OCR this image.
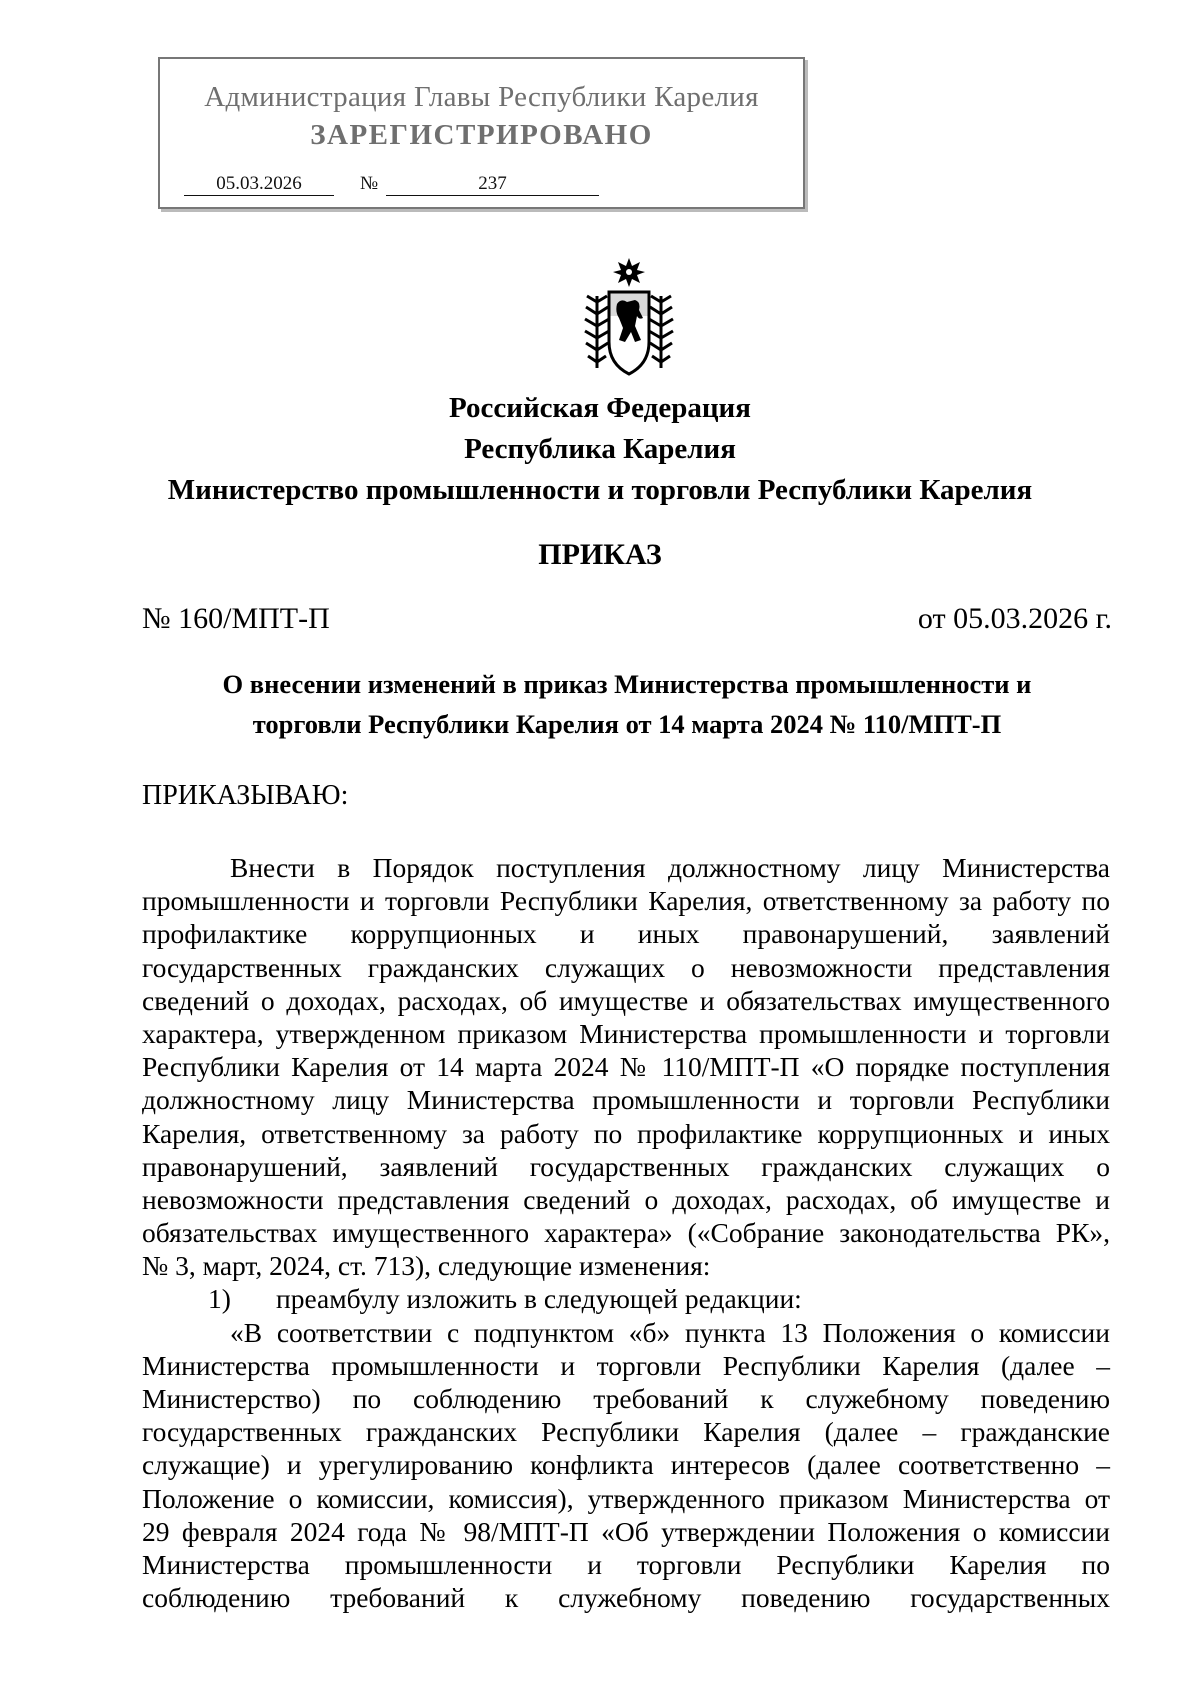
Администрация Главы Республики Карелия
ЗАРЕГИСТРИРОВАНО
05.03.2026	№	237
Российская Федерация
Республика Карелия
Министерство промышленности и торговли Республики Карелия
ПРИКАЗ
№ 160/МПТ-П	от 05.03.2026 г.
О внесении изменений в приказ Министерства промышленности и
торговли Республики Карелия от 14 марта 2024 № 110/МПТ-П
ПРИКАЗЫВАЮ:
Внести в Порядок поступления должностному лицу Министерства
промышленности и торговли Республики Карелия, ответственному за работу по
профилактике коррупционных и иных правонарушений, заявлений
государственных гражданских служащих о невозможности представления
сведений о доходах, расходах, об имуществе и обязательствах имущественного
характера, утвержденном приказом Министерства промышленности и торговли
Республики Карелия от 14 марта 2024 № 110/МПТ-П «О порядке поступления
должностному лицу Министерства промышленности и торговли Республики
Карелия, ответственному за работу по профилактике коррупционных и иных
правонарушений, заявлений государственных гражданских служащих о
невозможности представления сведений о доходах, расходах, об имуществе и
обязательствах имущественного характера» («Собрание законодательства РК»,
№ 3, март, 2024, ст. 713), следующие изменения:
1) преамбулу изложить в следующей редакции:
«В соответствии с подпунктом «б» пункта 13 Положения о комиссии
Министерства промышленности и торговли Республики Карелия (далее –
Министерство) по соблюдению требований к служебному поведению
государственных гражданских Республики Карелия (далее – гражданские
служащие) и урегулированию конфликта интересов (далее соответственно –
Положение о комиссии, комиссия), утвержденного приказом Министерства от
29 февраля 2024 года № 98/МПТ-П «Об утверждении Положения о комиссии
Министерства промышленности и торговли Республики Карелия по
соблюдению требований к служебному поведению государственных
